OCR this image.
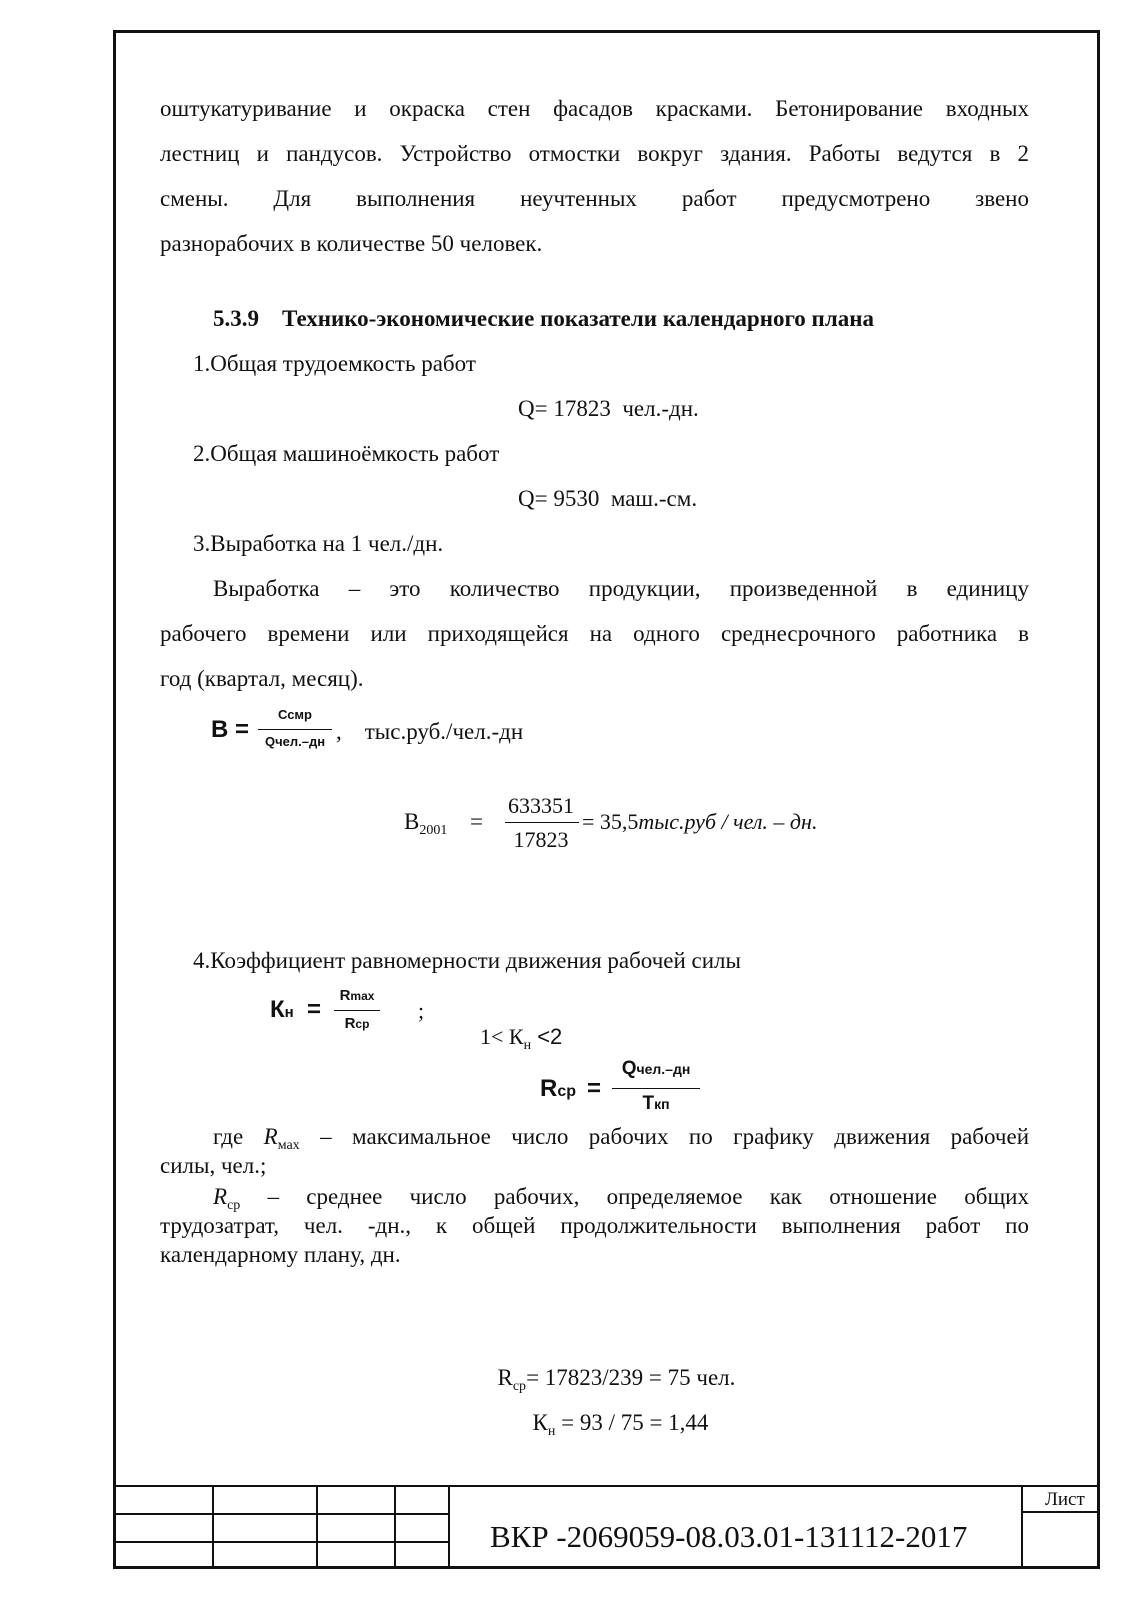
оштукатуривание и окраска стен фасадов красками. Бетонирование входных
лестниц и пандусов. Устройство отмостки вокруг здания. Работы ведутся в 2
смены. Для выполнения неучтенных работ предусмотрено звено
разнорабочих в количестве 50 человек.
5.3.9 Технико-экономические показатели календарного плана
1.Общая трудоемкость работ
Q= 17823  чел.-дн.
2.Общая машиноёмкость работ
Q= 9530  маш.-см.
3.Выработка на 1 чел./дн.
Выработка – это количество продукции, произведенной в единицу
рабочего времени или приходящейся на одного среднесрочного работника в
год (квартал, месяц).
В =
Ссмр
Qчел.–дн ,    тыс.руб./чел.-дн
$В_{2001}$ =
633351
17823
= 35,5тыс.руб / чел. – дн.
4.Коэффициент равномерности движения рабочей силы
Кн =
Rmax
Rср
;

$1< К_н <2$

Rср =
Qчел.–дн
Tкп
где $R_{мах}$ – максимальное число рабочих по графику движения рабочей
силы, чел.;
$R_{ср}$ – среднее число рабочих, определяемое как отношение общих
трудозатрат, чел. -дн., к общей продолжительности выполнения работ по
календарному плану, дн.

$R_{ср}= 17823/239 = 75$ чел.

$К_н = 93 / 75 = 1,44$

ВКР -2069059-08.03.01-131112-2017
Лист
